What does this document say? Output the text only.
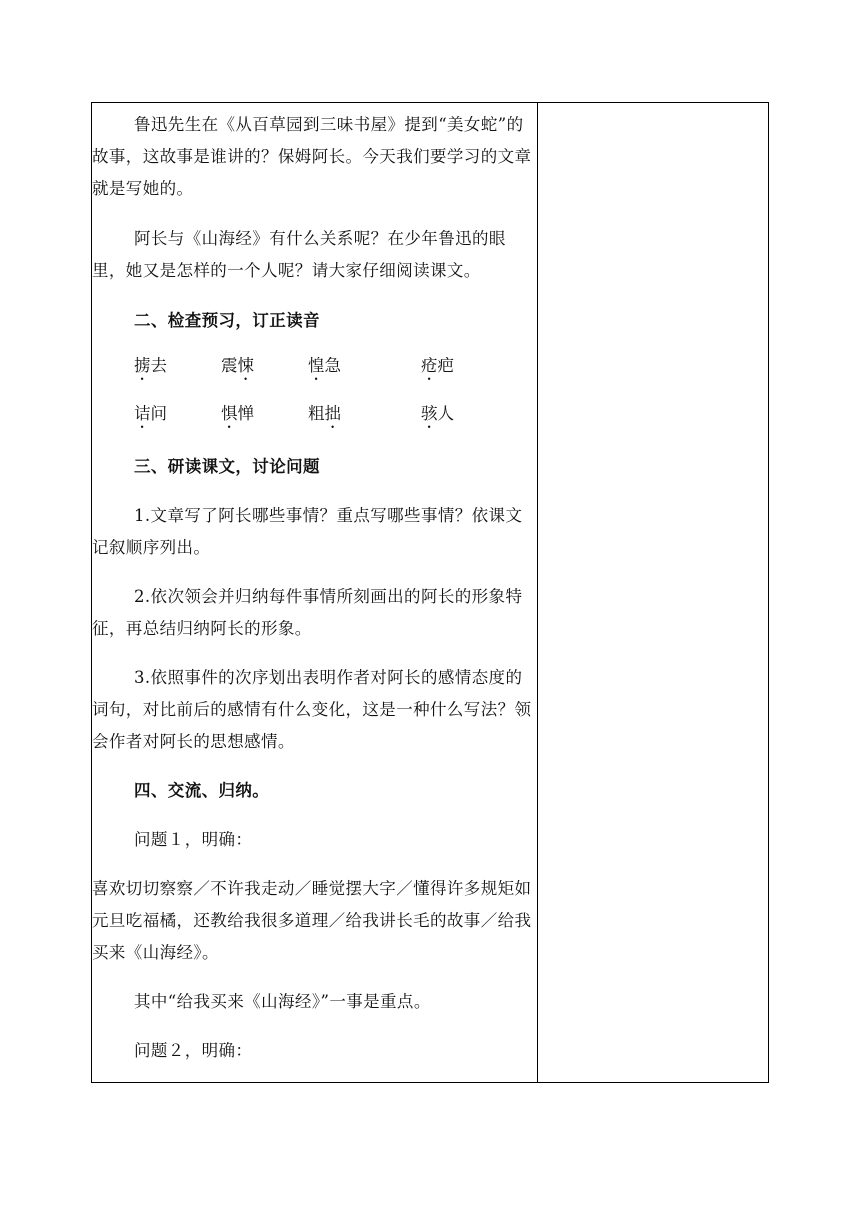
鲁迅先生在《从百草园到三味书屋》提到“美女蛇”的故事，这故事是谁讲的？保姆阿长。今天我们要学习的文章就是写她的。
阿长与《山海经》有什么关系呢？在少年鲁迅的眼里，她又是怎样的一个人呢？请大家仔细阅读课文。
二、检查预习，订正读音
掳去	震悚	惶急	疮疤
诘问	惧惮	粗拙	骇人
三、研读课文，讨论问题
1.文章写了阿长哪些事情？重点写哪些事情？依课文记叙顺序列出。
2.依次领会并归纳每件事情所刻画出的阿长的形象特征，再总结归纳阿长的形象。
3.依照事件的次序划出表明作者对阿长的感情态度的词句，对比前后的感情有什么变化，这是一种什么写法？领会作者对阿长的思想感情。
四、交流、归纳。
问题１，明确：
喜欢切切察察／不许我走动／睡觉摆大字／懂得许多规矩如元旦吃福橘，还教给我很多道理／给我讲长毛的故事／给我买来《山海经》。
其中“给我买来《山海经》”一事是重点。
问题２，明确：
